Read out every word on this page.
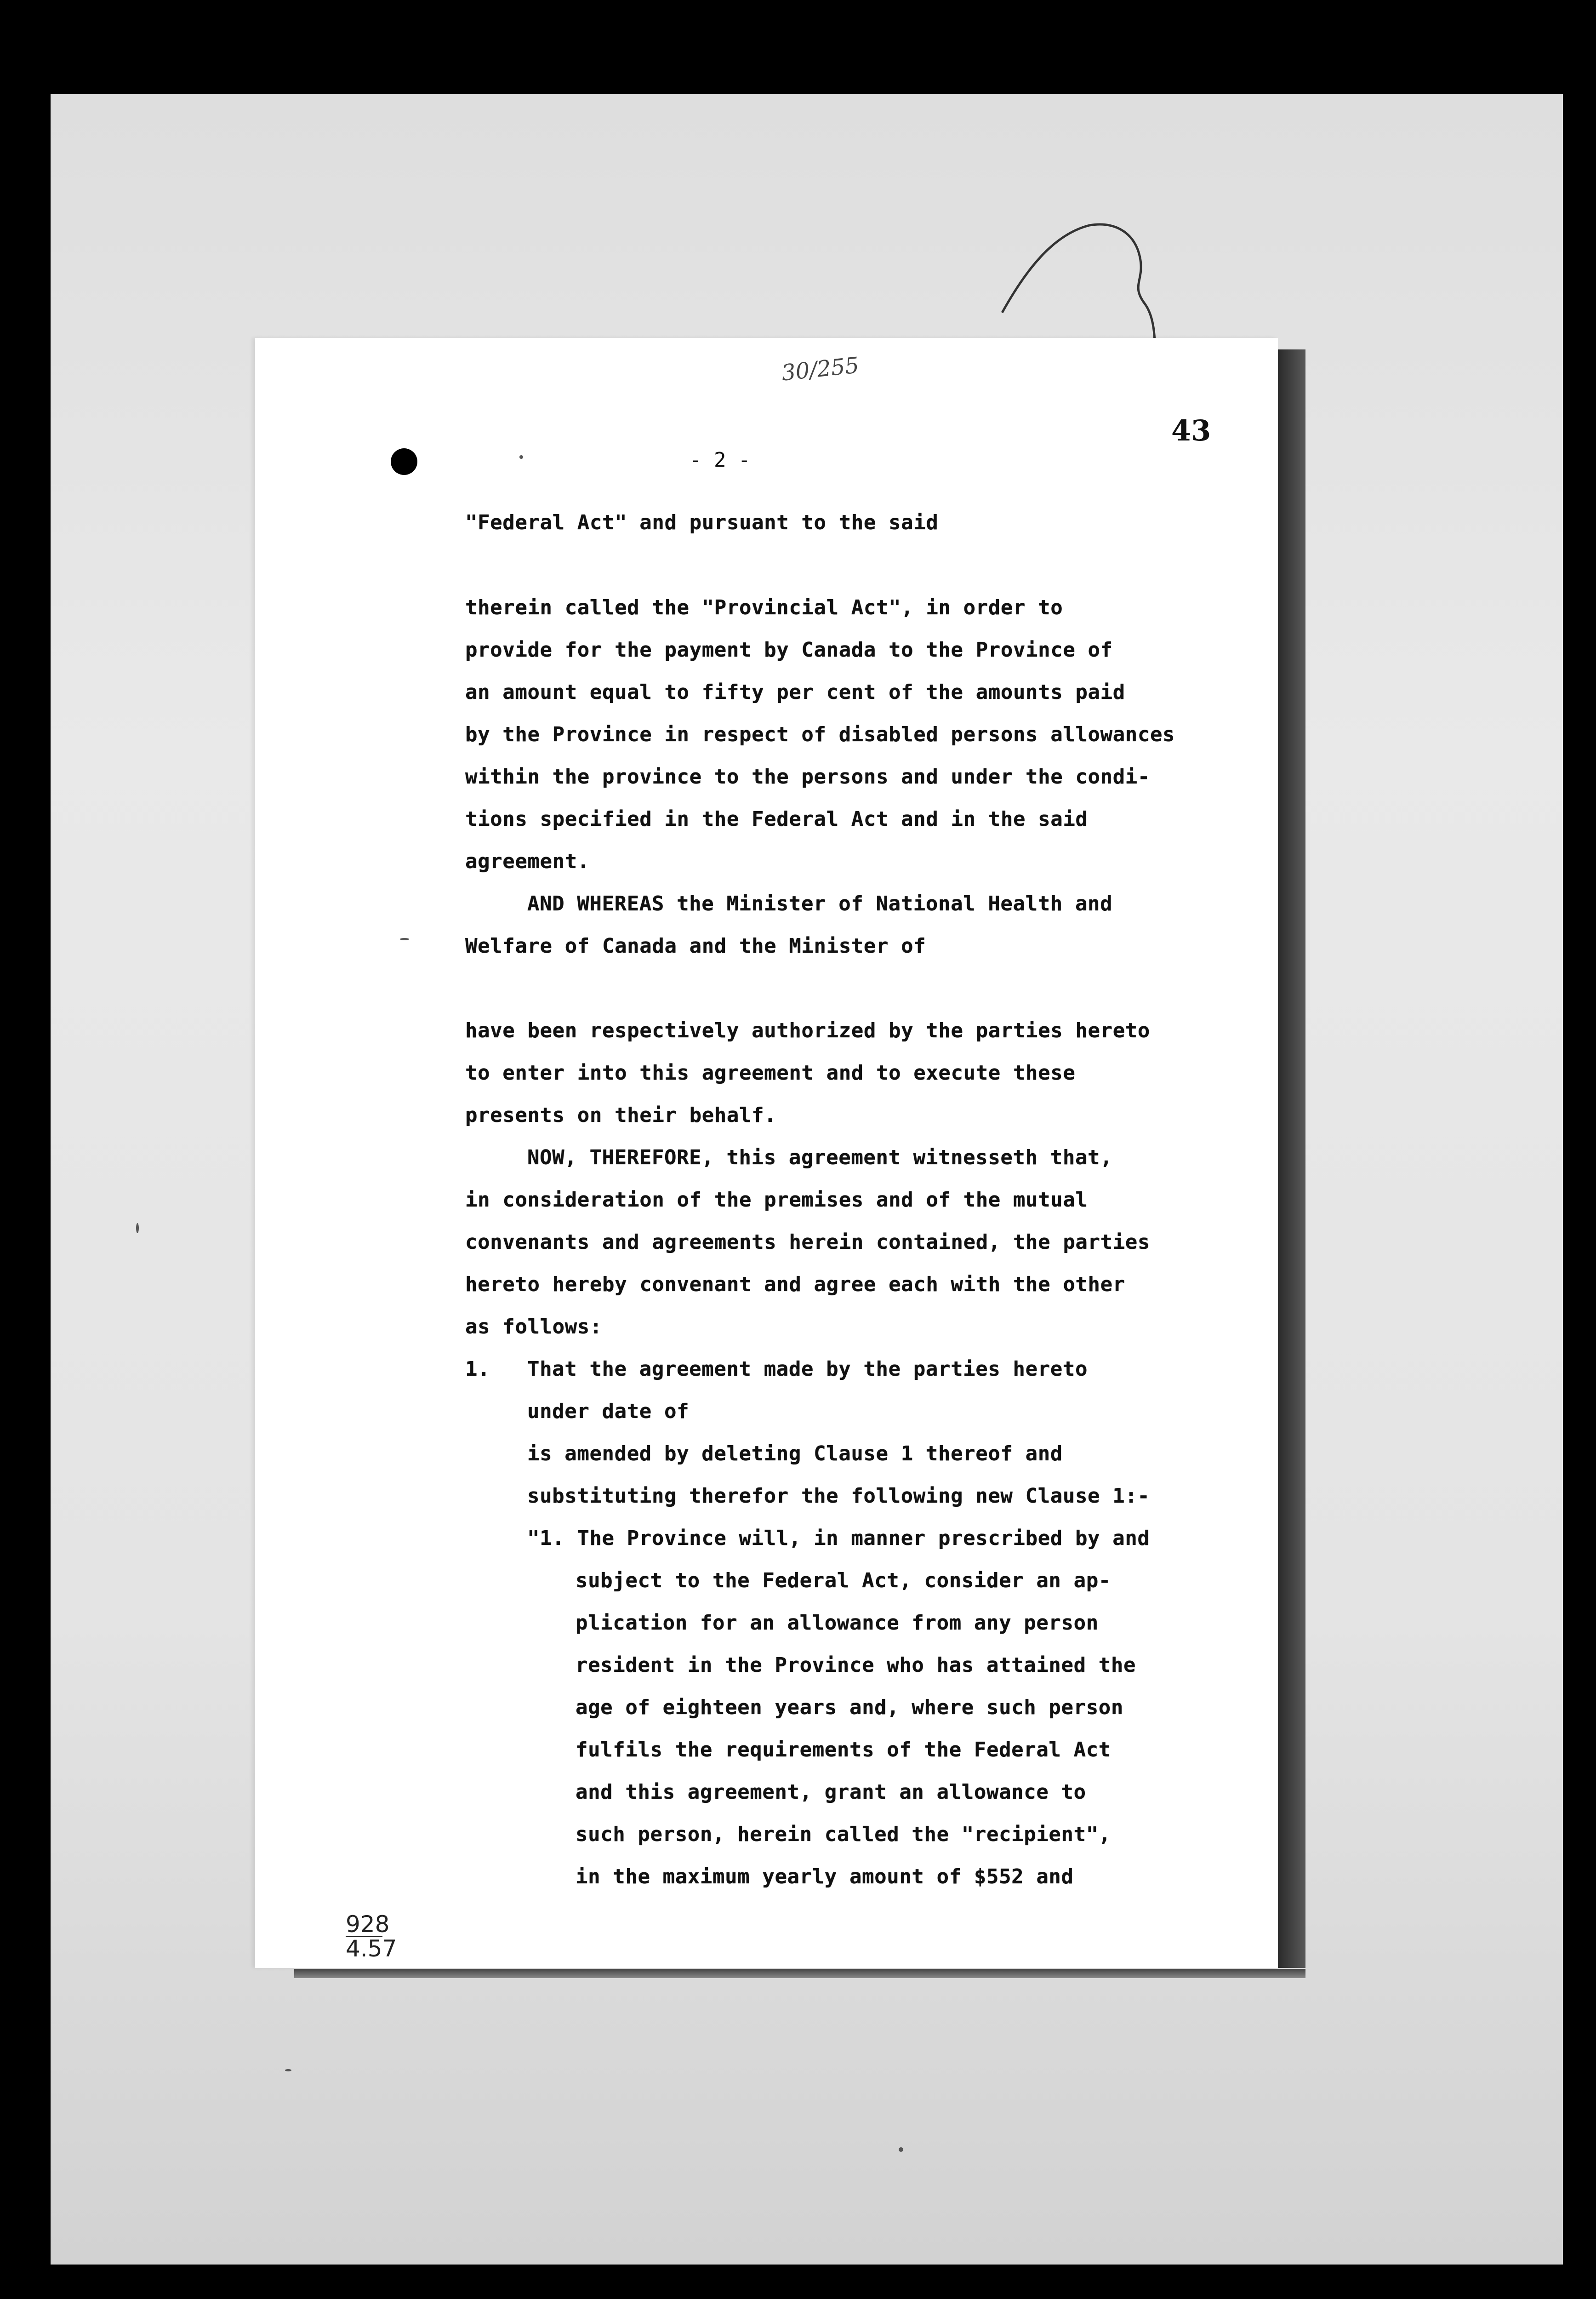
30/255
43
- 2 -
"Federal Act" and pursuant to the said
therein called the "Provincial Act", in order to
provide for the payment by Canada to the Province of
an amount equal to fifty per cent of the amounts paid
by the Province in respect of disabled persons allowances
within the province to the persons and under the condi-
tions specified in the Federal Act and in the said
agreement.
AND WHEREAS the Minister of National Health and
Welfare of Canada and the Minister of
have been respectively authorized by the parties hereto
to enter into this agreement and to execute these
presents on their behalf.
NOW, THEREFORE, this agreement witnesseth that,
in consideration of the premises and of the mutual
convenants and agreements herein contained, the parties
hereto hereby convenant and agree each with the other
as follows:
1. That the agreement made by the parties hereto
under date of
is amended by deleting Clause 1 thereof and
substituting therefor the following new Clause 1:-
"1. The Province will, in manner prescribed by and
subject to the Federal Act, consider an ap-
plication for an allowance from any person
resident in the Province who has attained the
age of eighteen years and, where such person
fulfils the requirements of the Federal Act
and this agreement, grant an allowance to
such person, herein called the "recipient",
in the maximum yearly amount of $552 and
928
4.57
